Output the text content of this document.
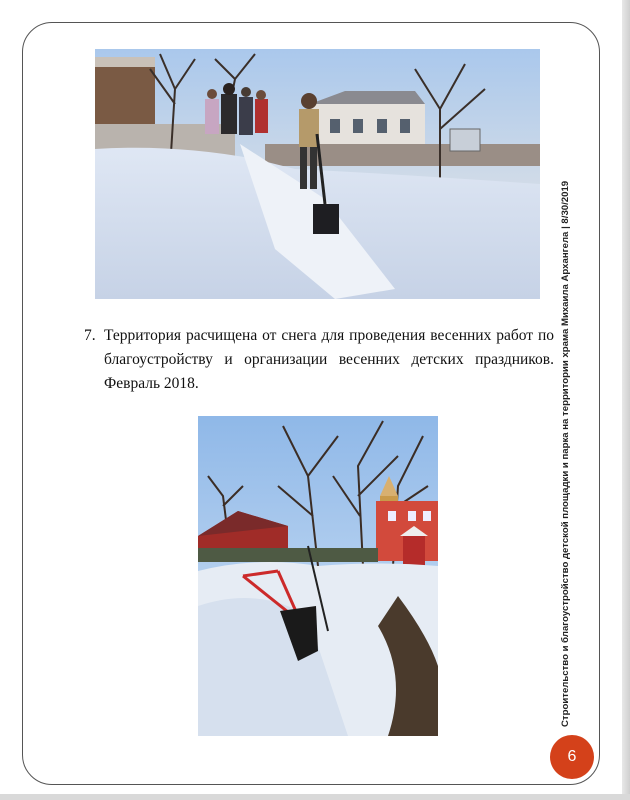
7. Территория расчищена от снега для проведения весенних работ по благоустройству и организации весенних детских праздников. Февраль 2018.	Строительство и благоустройство детской площадки и парка на территории храма Михаила Архангела | 8/30/2019
6
